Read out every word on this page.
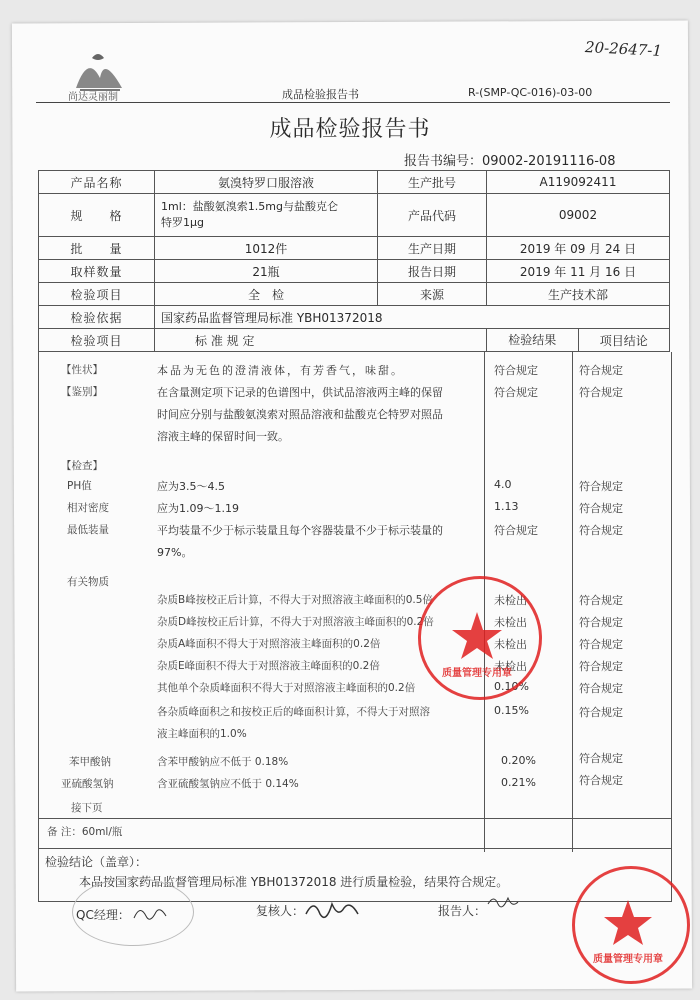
尚达灵丽制	成品检验报告书	R-(SMP-QC-016)-03-00
20-2647-1
成品检验报告书
报告书编号：09002-20191116-08
产品名称	氨溴特罗口服溶液	生产批号	A119092411
规　　格	1ml：盐酸氨溴索1.5mg与盐酸克仑
特罗1μg	产品代码	09002
批　　量	1012件	生产日期	2019 年 09 月 24 日
取样数量	21瓶	报告日期	2019 年 11 月 16 日
检验项目	全　检	来源	生产技术部
检验依据	国家药品监督管理局标准 YBH01372018		
检验项目	标 准 规 定		检验结果 项目结论
【性状】	本品为无色的澄清液体，有芳香气，味甜。	符合规定	符合规定
【鉴别】	在含量测定项下记录的色谱图中，供试品溶液两主峰的保留
时间应分别与盐酸氨溴索对照品溶液和盐酸克仑特罗对照品
溶液主峰的保留时间一致。
符合规定	符合规定
【检查】
PH值	应为3.5～4.5	4.0	符合规定
相对密度	应为1.09～1.19	1.13	符合规定
最低装量	平均装量不少于标示装量且每个容器装量不少于标示装量的
97%。
符合规定	符合规定
有关物质
杂质B峰按校正后计算，不得大于对照溶液主峰面积的0.5倍	未检出	符合规定
杂质D峰按校正后计算，不得大于对照溶液主峰面积的0.2倍	未检出	符合规定
杂质A峰面积不得大于对照溶液主峰面积的0.2倍	未检出	符合规定
杂质E峰面积不得大于对照溶液主峰面积的0.2倍	未检出	符合规定
其他单个杂质峰面积不得大于对照溶液主峰面积的0.2倍	0.10%	符合规定
各杂质峰面积之和按校正后的峰面积计算，不得大于对照溶
液主峰面积的1.0%
0.15%	符合规定
苯甲酸钠	含苯甲酸钠应不低于 0.18%	0.20%	符合规定
亚硫酸氢钠	含亚硫酸氢钠应不低于 0.14%	0.21%	符合规定
接下页
备 注：60ml/瓶
检验结论（盖章）：
本品按国家药品监督管理局标准 YBH01372018 进行质量检验，结果符合规定。
QC经理：	复核人：	报告人：
质量管理专用章
质量管理专用章
